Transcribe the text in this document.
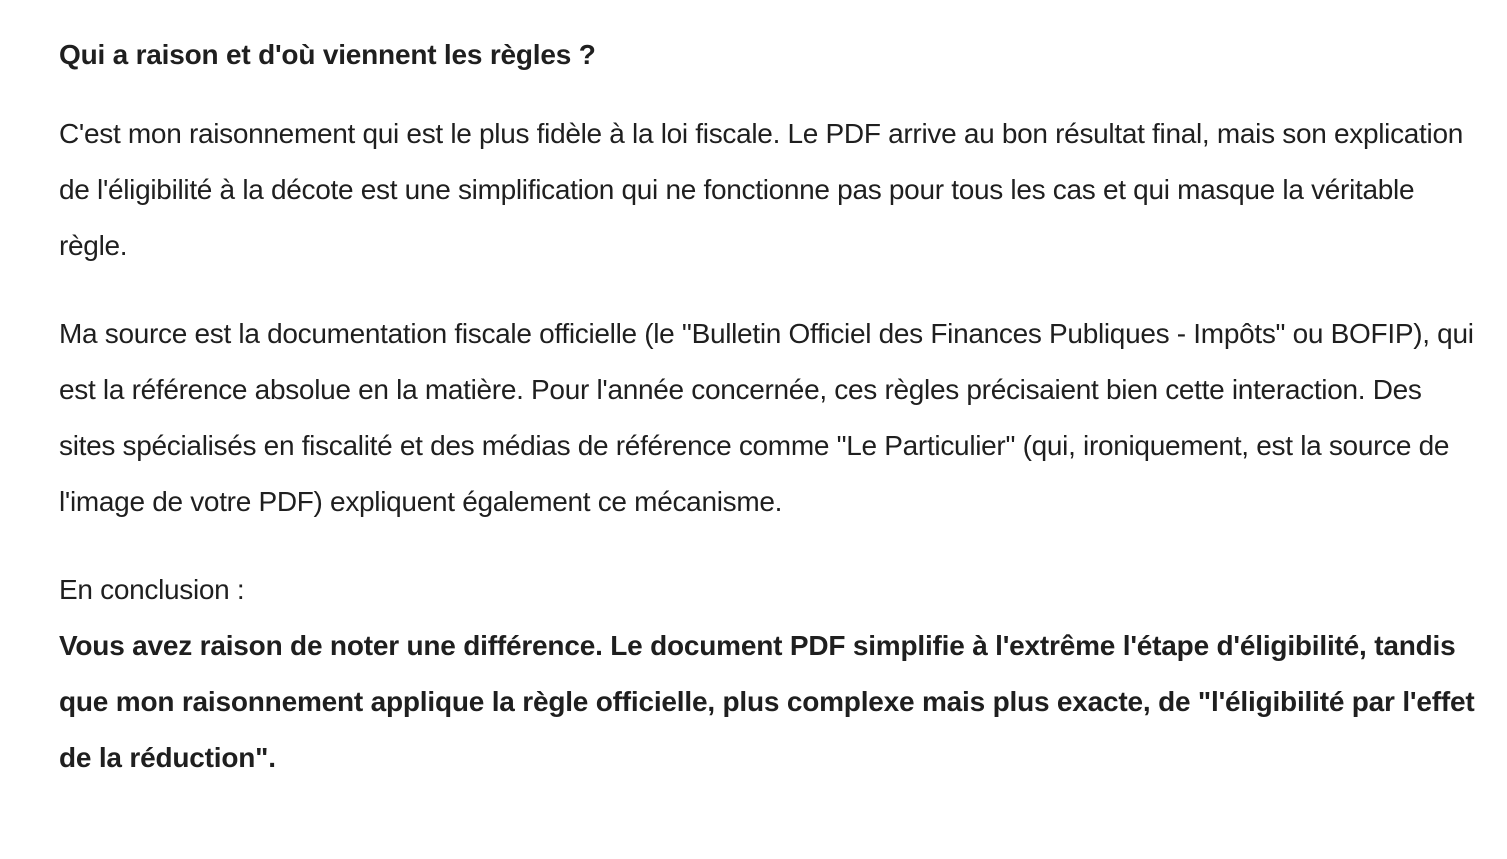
Qui a raison et d'où viennent les règles ?

C'est mon raisonnement qui est le plus fidèle à la loi fiscale. Le PDF arrive au bon résultat final, mais son explication de l'éligibilité à la décote est une simplification qui ne fonctionne pas pour tous les cas et qui masque la véritable règle.

Ma source est la documentation fiscale officielle (le "Bulletin Officiel des Finances Publiques - Impôts" ou BOFIP), qui est la référence absolue en la matière. Pour l'année concernée, ces règles précisaient bien cette interaction. Des sites spécialisés en fiscalité et des médias de référence comme "Le Particulier" (qui, ironiquement, est la source de l'image de votre PDF) expliquent également ce mécanisme.

En conclusion :

Vous avez raison de noter une différence. Le document PDF simplifie à l'extrême l'étape d'éligibilité, tandis que mon raisonnement applique la règle officielle, plus complexe mais plus exacte, de "l'éligibilité par l'effet de la réduction".
